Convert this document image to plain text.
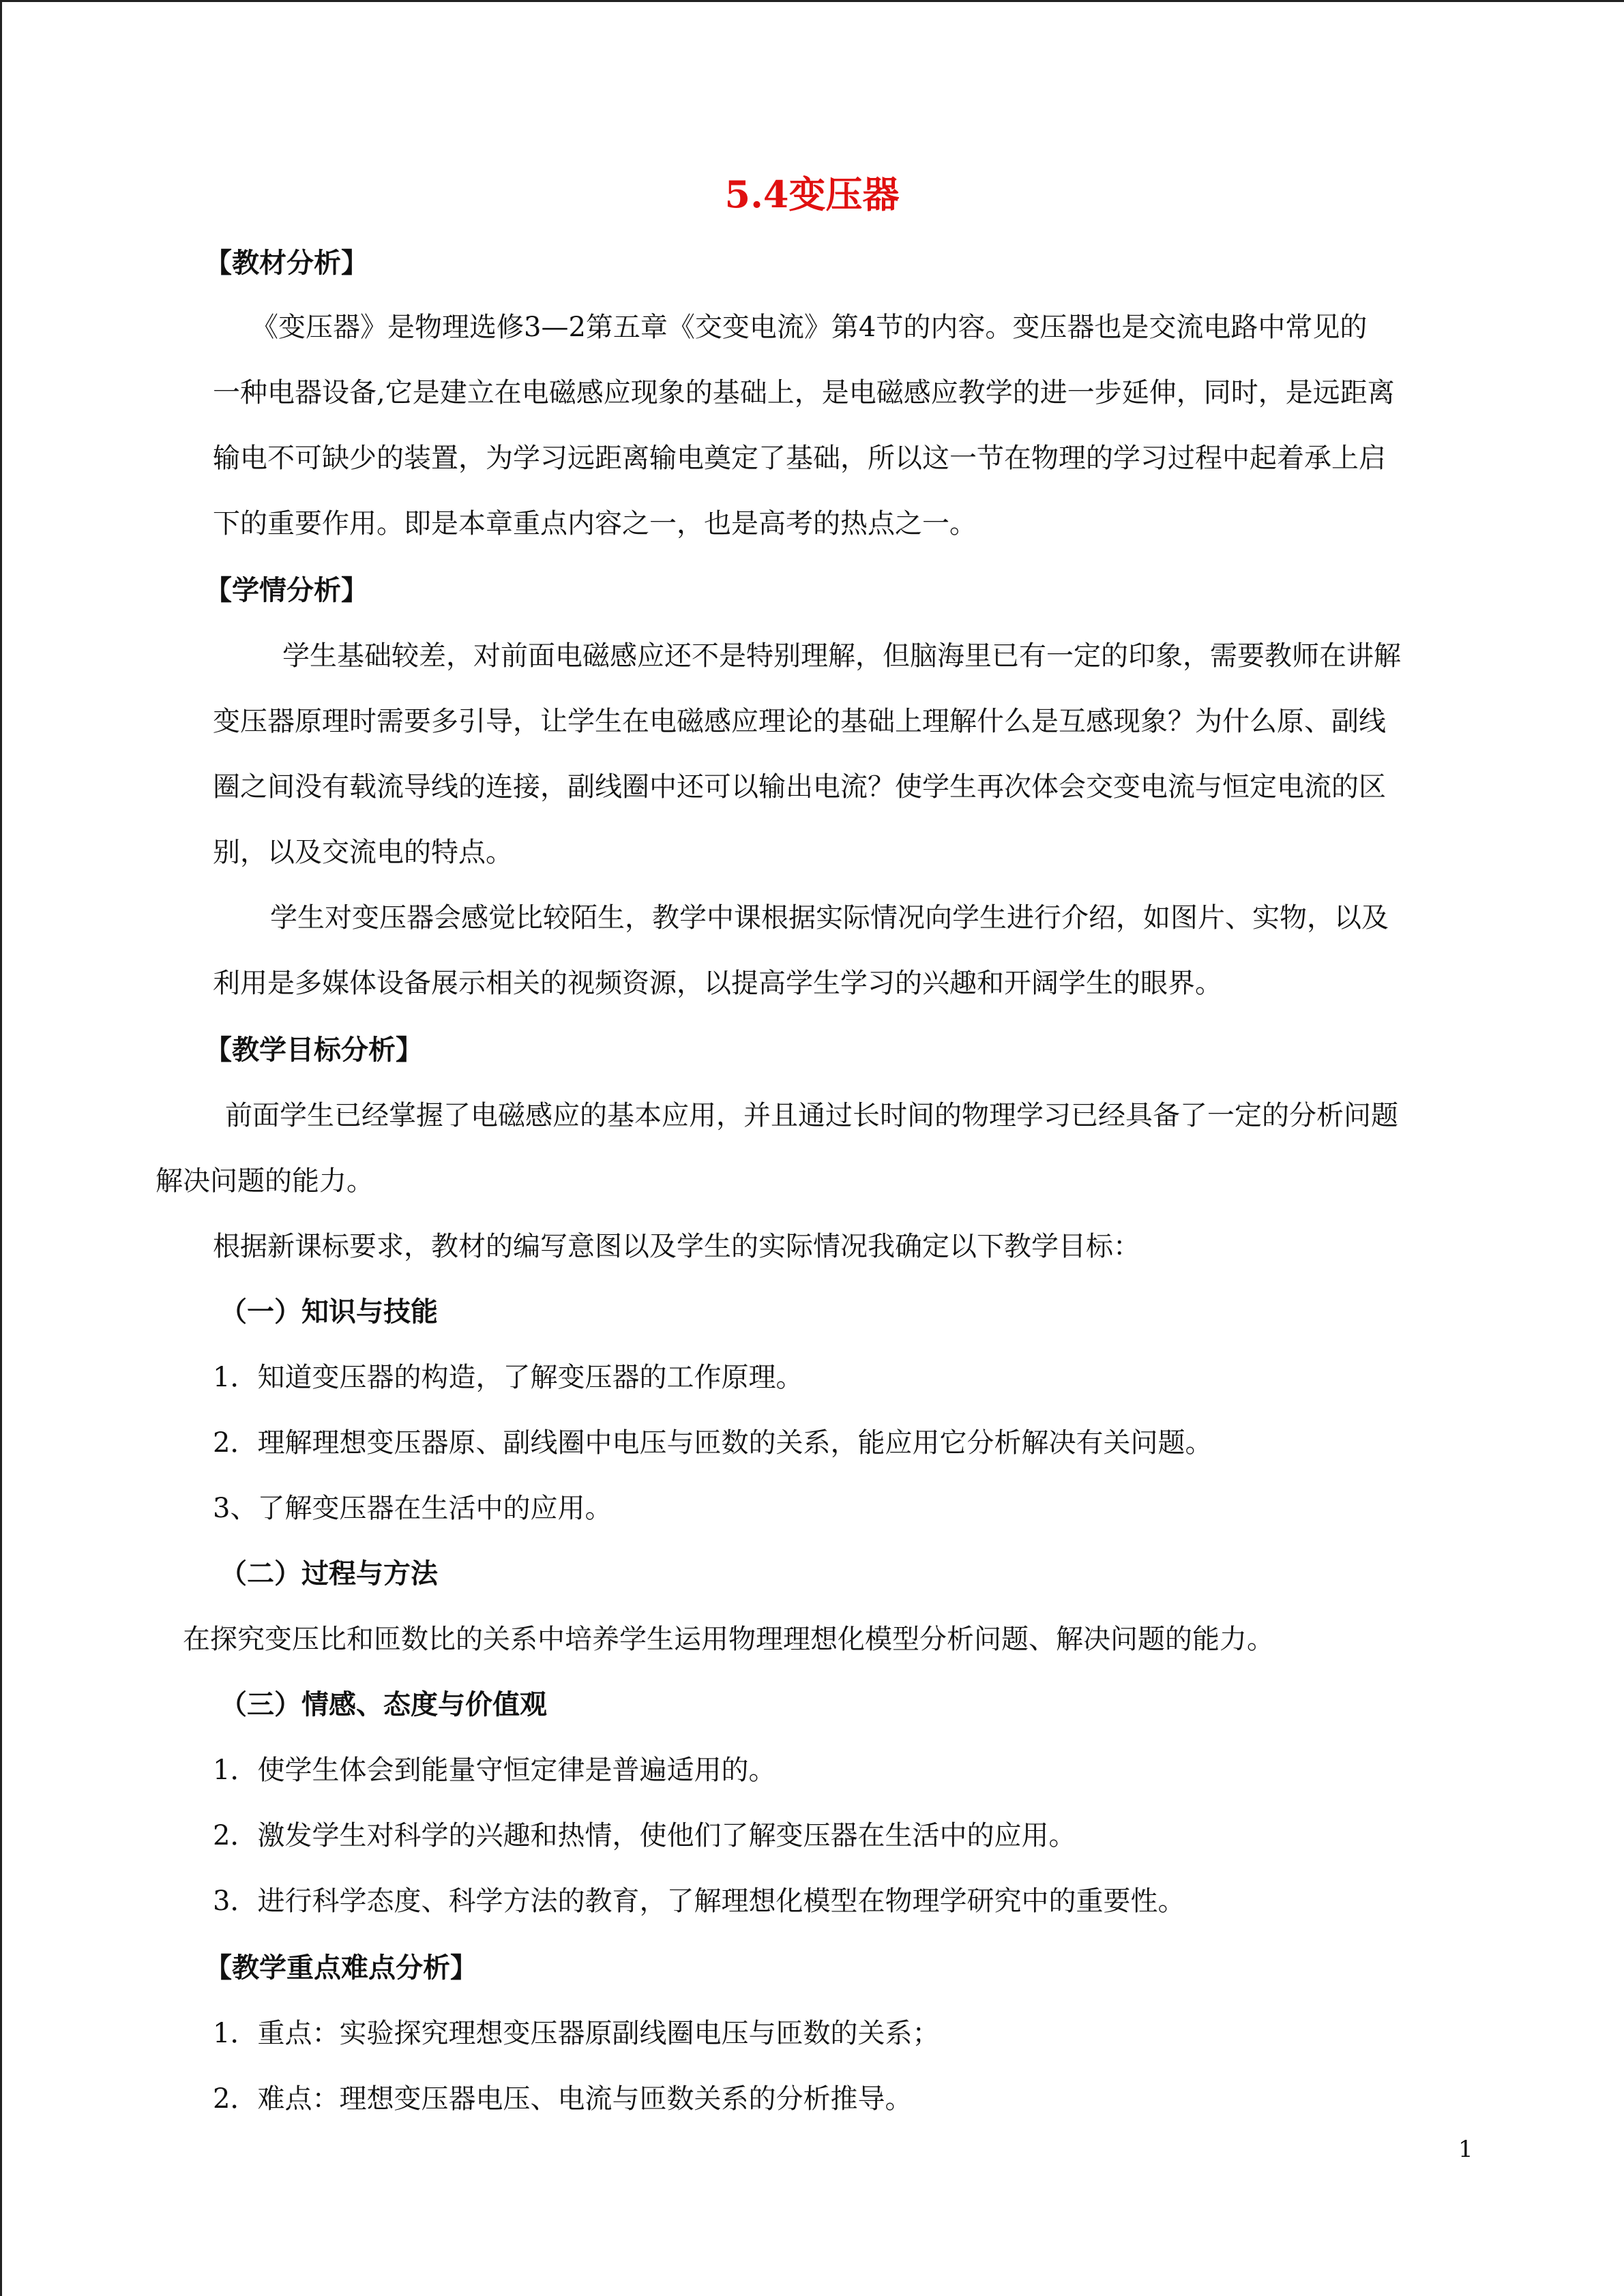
5.4变压器
【教材分析】
《变压器》是物理选修3—2第五章《交变电流》第4节的内容。变压器也是交流电路中常见的
一种电器设备,它是建立在电磁感应现象的基础上，是电磁感应教学的进一步延伸，同时，是远距离
输电不可缺少的装置，为学习远距离输电奠定了基础，所以这一节在物理的学习过程中起着承上启
下的重要作用。即是本章重点内容之一，也是高考的热点之一。
【学情分析】
学生基础较差，对前面电磁感应还不是特别理解，但脑海里已有一定的印象，需要教师在讲解
变压器原理时需要多引导，让学生在电磁感应理论的基础上理解什么是互感现象？为什么原、副线
圈之间没有载流导线的连接，副线圈中还可以输出电流？使学生再次体会交变电流与恒定电流的区
别，以及交流电的特点。
学生对变压器会感觉比较陌生，教学中课根据实际情况向学生进行介绍，如图片、实物，以及
利用是多媒体设备展示相关的视频资源，以提高学生学习的兴趣和开阔学生的眼界。
【教学目标分析】
前面学生已经掌握了电磁感应的基本应用，并且通过长时间的物理学习已经具备了一定的分析问题
解决问题的能力。
根据新课标要求，教材的编写意图以及学生的实际情况我确定以下教学目标：
（一）知识与技能
1．知道变压器的构造，了解变压器的工作原理。
2．理解理想变压器原、副线圈中电压与匝数的关系，能应用它分析解决有关问题。
3、了解变压器在生活中的应用。
（二）过程与方法
在探究变压比和匝数比的关系中培养学生运用物理理想化模型分析问题、解决问题的能力。
（三）情感、态度与价值观
1．使学生体会到能量守恒定律是普遍适用的。
2．激发学生对科学的兴趣和热情，使他们了解变压器在生活中的应用。
3．进行科学态度、科学方法的教育，了解理想化模型在物理学研究中的重要性。
【教学重点难点分析】
1．重点：实验探究理想变压器原副线圈电压与匝数的关系；
2．难点：理想变压器电压、电流与匝数关系的分析推导。
1
